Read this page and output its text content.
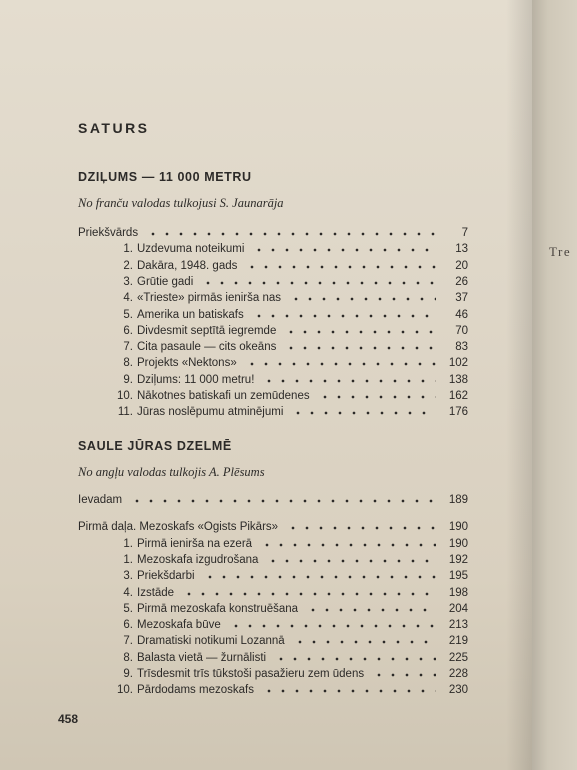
SATURS
DZIĻUMS — 11 000 METRU
No franču valodas tulkojusi S. Jaunarāja
SAULE JŪRAS DZELMĒ
No angļu valodas tulkojis A. Plēsums
Priekšvārds	7
1. Uzdevuma noteikumi	13
2. Dakāra, 1948. gads	20
3. Grūtie gadi	26
4. «Trieste» pirmās ienirša nas	37
5. Amerika un batiskafs	46
6. Divdesmit septītā iegremde	70
7. Cita pasaule — cits okeāns	83
8. Projekts «Nektons»	102
9. Dziļums: 11 000 metru!	138
10. Nākotnes batiskafi un zemūdenes	162
11. Jūras noslēpumu atminējumi	176
Ievadam	189
Pirmā daļa. Mezoskafs «Ogists Pikārs»	190
1. Pirmā ienirša na ezerā	190
1. Mezoskafa izgudrošana	192
3. Priekšdarbi	195
4. Izstāde	198
5. Pirmā mezoskafa konstruēšana	204
6. Mezoskafa būve	213
7. Dramatiski notikumi Lozannā	219
8. Balasta vietā — žurnālisti	225
9. Trīsdesmit trīs tūkstoši pasažieru zem ūdens	228
10. Pārdodams mezoskafs	230
458
Tre
